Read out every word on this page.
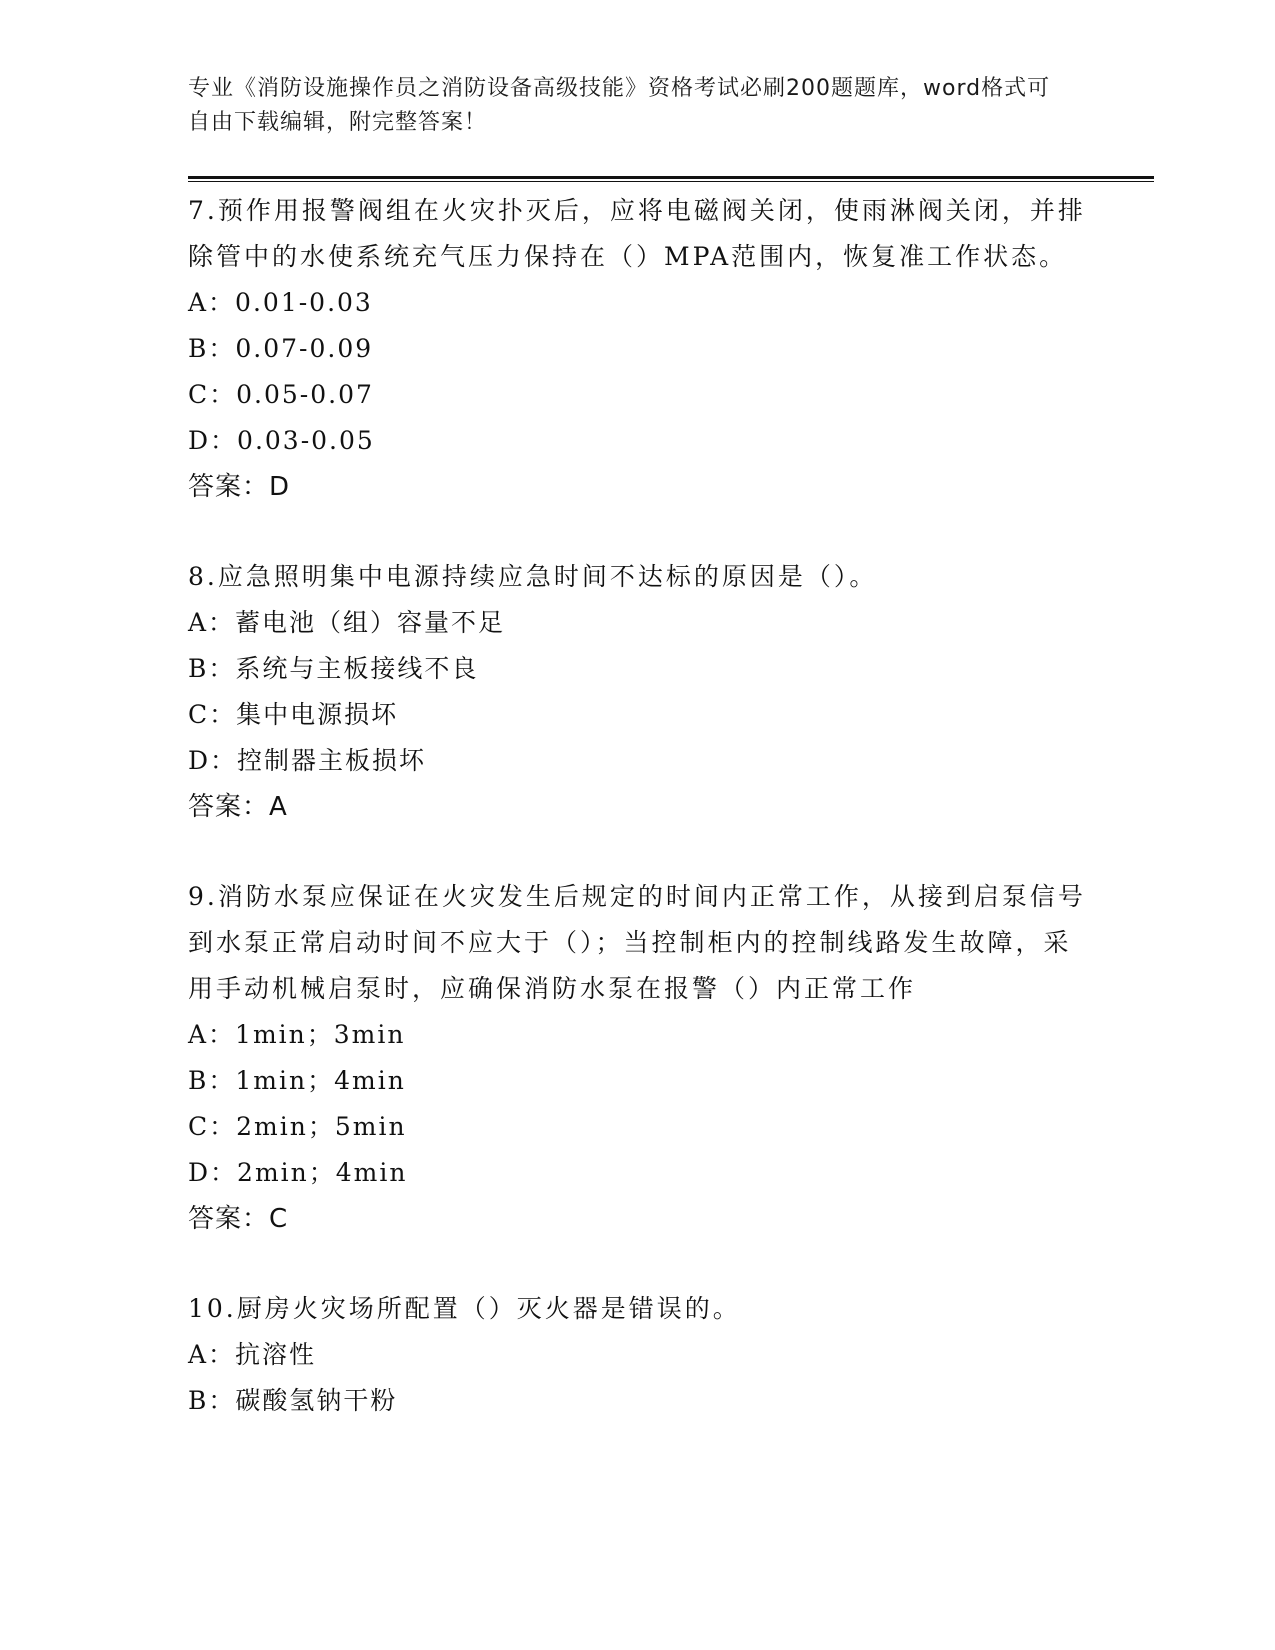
专业《消防设施操作员之消防设备高级技能》资格考试必刷200题题库，word格式可自由下载编辑，附完整答案！

7.预作用报警阀组在火灾扑灭后，应将电磁阀关闭，使雨淋阀关闭，并排除管中的水使系统充气压力保持在（）MPA范围内，恢复准工作状态。

A：0.01-0.03

B：0.07-0.09

C：0.05-0.07

D：0.03-0.05

答案：D

8.应急照明集中电源持续应急时间不达标的原因是（）。

A：蓄电池（组）容量不足

B：系统与主板接线不良

C：集中电源损坏

D：控制器主板损坏

答案：A

9.消防水泵应保证在火灾发生后规定的时间内正常工作，从接到启泵信号到水泵正常启动时间不应大于（）；当控制柜内的控制线路发生故障，采用手动机械启泵时，应确保消防水泵在报警（）内正常工作

A：1min；3min

B：1min；4min

C：2min；5min

D：2min；4min

答案：C

10.厨房火灾场所配置（）灭火器是错误的。

A：抗溶性

B：碳酸氢钠干粉
